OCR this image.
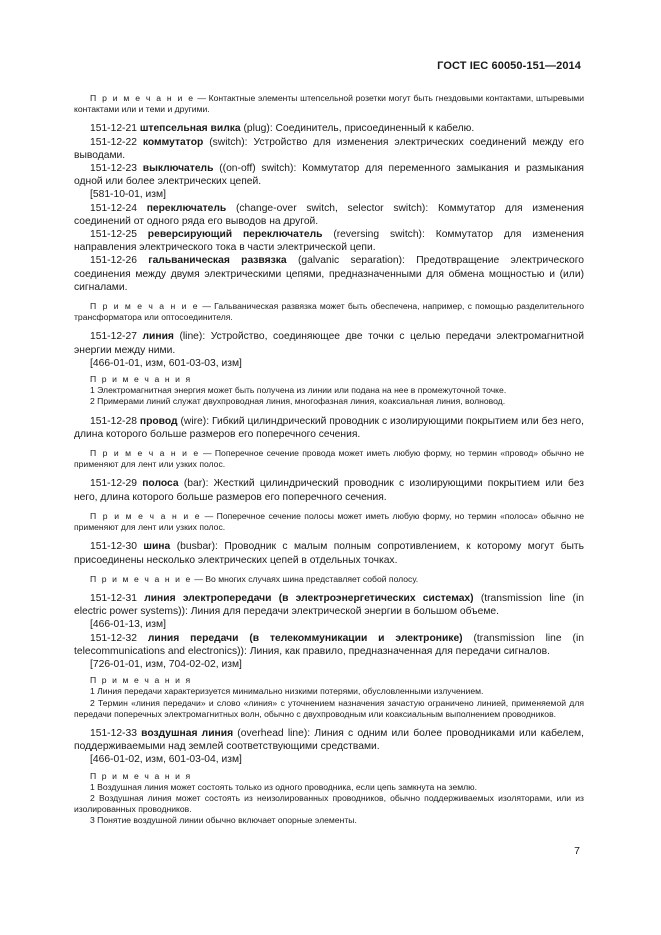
ГОСТ IEC 60050-151—2014

П р и м е ч а н и е — Контактные элементы штепсельной розетки могут быть гнездовыми контактами, штыревыми контактами или и теми и другими.

151-12-21 штепсельная вилка (plug): Соединитель, присоединенный к кабелю.

151-12-22 коммутатор (switch): Устройство для изменения электрических соединений между его выводами.

151-12-23 выключатель ((on-off) switch): Коммутатор для переменного замыкания и размыкания одной или более электрических цепей.

[581-10-01, изм]

151-12-24 переключатель (change-over switch, selector switch): Коммутатор для изменения соединений от одного ряда его выводов на другой.

151-12-25 реверсирующий переключатель (reversing switch): Коммутатор для изменения направления электрического тока в части электрической цепи.

151-12-26 гальваническая развязка (galvanic separation): Предотвращение электрического соединения между двумя электрическими цепями, предназначенными для обмена мощностью и (или) сигналами.

П р и м е ч а н и е — Гальваническая развязка может быть обеспечена, например, с помощью разделительного трансформатора или оптосоединителя.

151-12-27 линия (line): Устройство, соединяющее две точки с целью передачи электромагнитной энергии между ними.

[466-01-01, изм, 601-03-03, изм]

П р и м е ч а н и я

1 Электромагнитная энергия может быть получена из линии или подана на нее в промежуточной точке.

2 Примерами линий служат двухпроводная линия, многофазная линия, коаксиальная линия, волновод.

151-12-28 провод (wire): Гибкий цилиндрический проводник с изолирующими покрытием или без него, длина которого больше размеров его поперечного сечения.

П р и м е ч а н и е — Поперечное сечение провода может иметь любую форму, но термин «провод» обычно не применяют для лент или узких полос.

151-12-29 полоса (bar): Жесткий цилиндрический проводник с изолирующими покрытием или без него, длина которого больше размеров его поперечного сечения.

П р и м е ч а н и е — Поперечное сечение полосы может иметь любую форму, но термин «полоса» обычно не применяют для лент или узких полос.

151-12-30 шина (busbar): Проводник с малым полным сопротивлением, к которому могут быть присоединены несколько электрических цепей в отдельных точках.

П р и м е ч а н и е — Во многих случаях шина представляет собой полосу.

151-12-31 линия электропередачи (в электроэнергетических системах) (transmission line (in electric power systems)): Линия для передачи электрической энергии в большом объеме.

[466-01-13, изм]

151-12-32 линия передачи (в телекоммуникации и электронике) (transmission line (in telecommunications and electronics)): Линия, как правило, предназначенная для передачи сигналов.

[726-01-01, изм, 704-02-02, изм]

П р и м е ч а н и я

1 Линия передачи характеризуется минимально низкими потерями, обусловленными излучением.

2 Термин «линия передачи» и слово «линия» с уточнением назначения зачастую ограничено линией, применяемой для передачи поперечных электромагнитных волн, обычно с двухпроводным или коаксиальным выполнением проводников.

151-12-33 воздушная линия (overhead line): Линия с одним или более проводниками или кабелем, поддерживаемыми над землей соответствующими средствами.

[466-01-02, изм, 601-03-04, изм]

П р и м е ч а н и я

1 Воздушная линия может состоять только из одного проводника, если цепь замкнута на землю.

2 Воздушная линия может состоять из неизолированных проводников, обычно поддерживаемых изоляторами, или из изолированных проводников.

3 Понятие воздушной линии обычно включает опорные элементы.

7
